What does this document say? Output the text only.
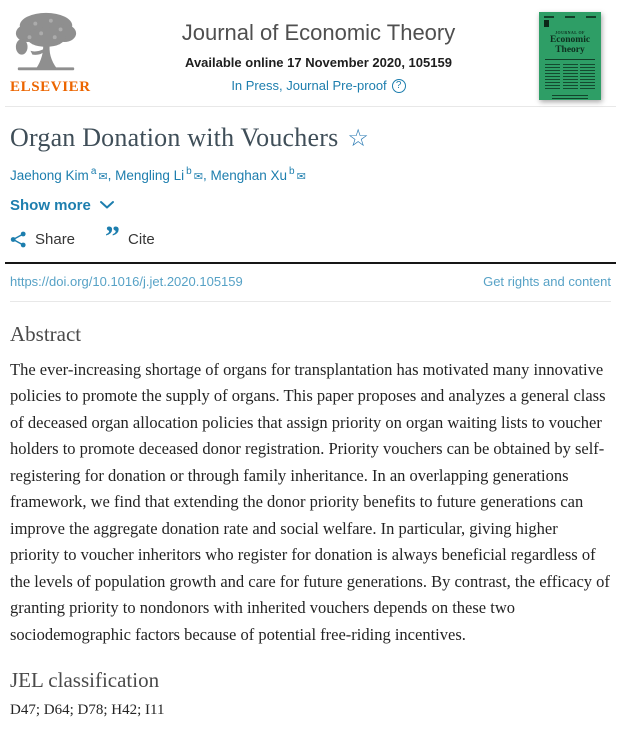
ELSEVIER
Journal of Economic Theory
Available online 17 November 2020, 105159
In Press, Journal Pre-proof ?
JOURNAL OF
Economic
Theory
Organ Donation with Vouchers ☆
Jaehong Kim $^a$ ✉, Mengling Li $^b$ ✉, Menghan Xu $^b$ ✉
Show more
Share ” Cite
https://doi.org/10.1016/j.jet.2020.105159	Get rights and content
Abstract

The ever-increasing shortage of organs for transplantation has motivated many innovative policies to promote the supply of organs. This paper proposes and analyzes a general class of deceased organ allocation policies that assign priority on organ waiting lists to voucher holders to promote deceased donor registration. Priority vouchers can be obtained by self-registering for donation or through family inheritance. In an overlapping generations framework, we find that extending the donor priority benefits to future generations can improve the aggregate donation rate and social welfare. In particular, giving higher priority to voucher inheritors who register for donation is always beneficial regardless of the levels of population growth and care for future generations. By contrast, the efficacy of granting priority to nondonors with inherited vouchers depends on these two sociodemographic factors because of potential free-riding incentives.

JEL classification
D47; D64; D78; H42; I11
